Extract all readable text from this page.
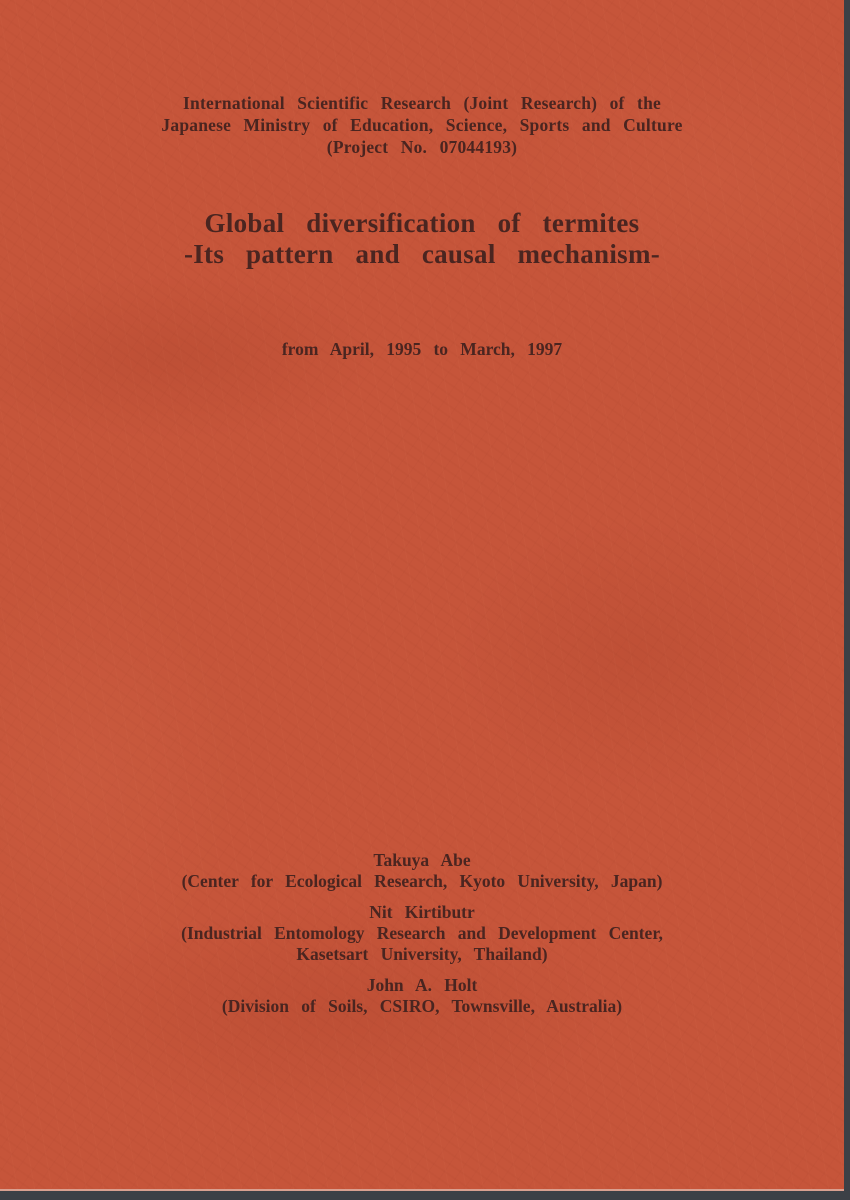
International Scientific Research (Joint Research) of the
Japanese Ministry of Education, Science, Sports and Culture
(Project No. 07044193)
Global diversification of termites
-Its pattern and causal mechanism-
from April, 1995 to March, 1997
Takuya Abe
(Center for Ecological Research, Kyoto University, Japan)
Nit Kirtibutr
(Industrial Entomology Research and Development Center,
Kasetsart University, Thailand)
John A. Holt
(Division of Soils, CSIRO, Townsville, Australia)
